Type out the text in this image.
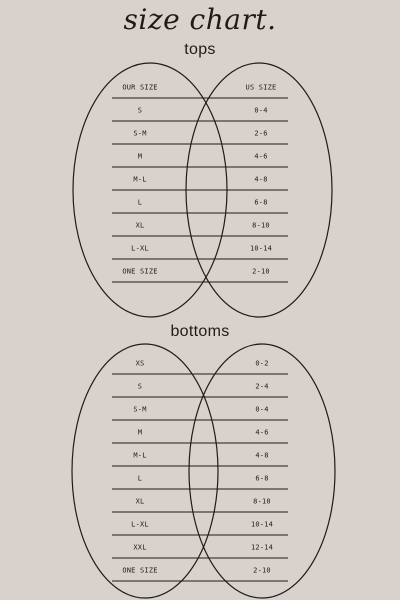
size chart.
tops
OUR SIZE	US SIZE
S	0-4
S-M	2-6
M	4-6
M-L	4-8
L	6-8
XL	8-10
L-XL	10-14
ONE SIZE	2-10
bottoms
XS	0-2
S	2-4
S-M	0-4
M	4-6
M-L	4-8
L	6-8
XL	8-10
L-XL	10-14
XXL	12-14
ONE SIZE	2-10
